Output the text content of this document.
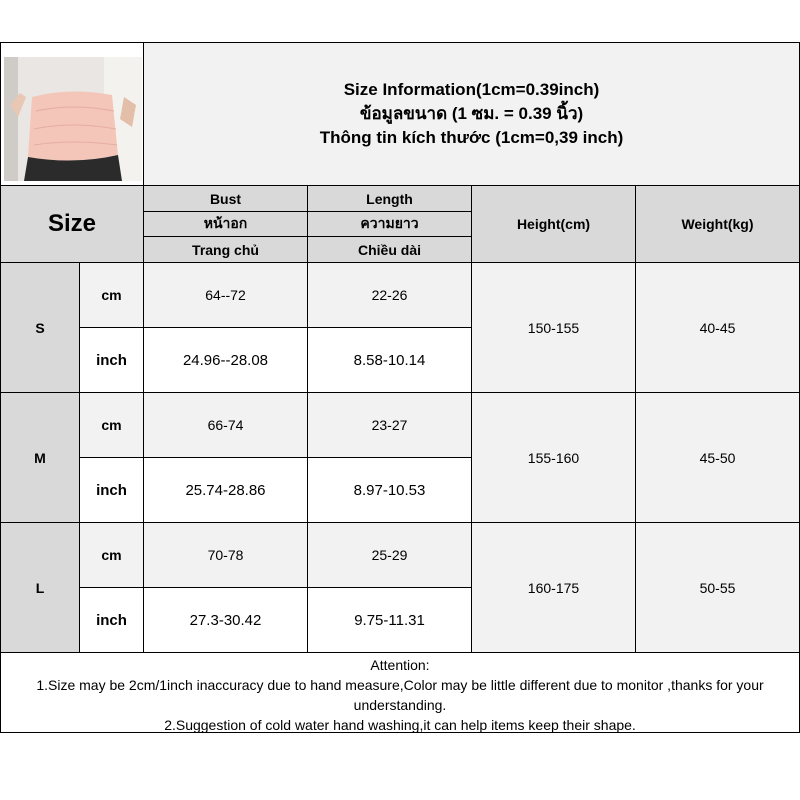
Size Information(1cm=0.39inch)
ข้อมูลขนาด (1 ซม. = 0.39 นิ้ว)
Thông tin kích thước (1cm=0,39 inch)
Size
Bust
หน้าอก
Trang chủ
Length
ความยาว
Chiều dài
Height(cm)	Weight(kg)
S
cm	64--72	22-26
inch	24.96--28.08	8.58-10.14
150-155	40-45
M
cm	66-74	23-27
inch	25.74-28.86	8.97-10.53
155-160	45-50
L
cm	70-78	25-29
inch	27.3-30.42	9.75-11.31
160-175	50-55
Attention:
1.Size may be 2cm/1inch inaccuracy due to hand measure,Color may be little different due to monitor ,thanks for your understanding.
2.Suggestion of cold water hand washing,it can help items keep their shape.
